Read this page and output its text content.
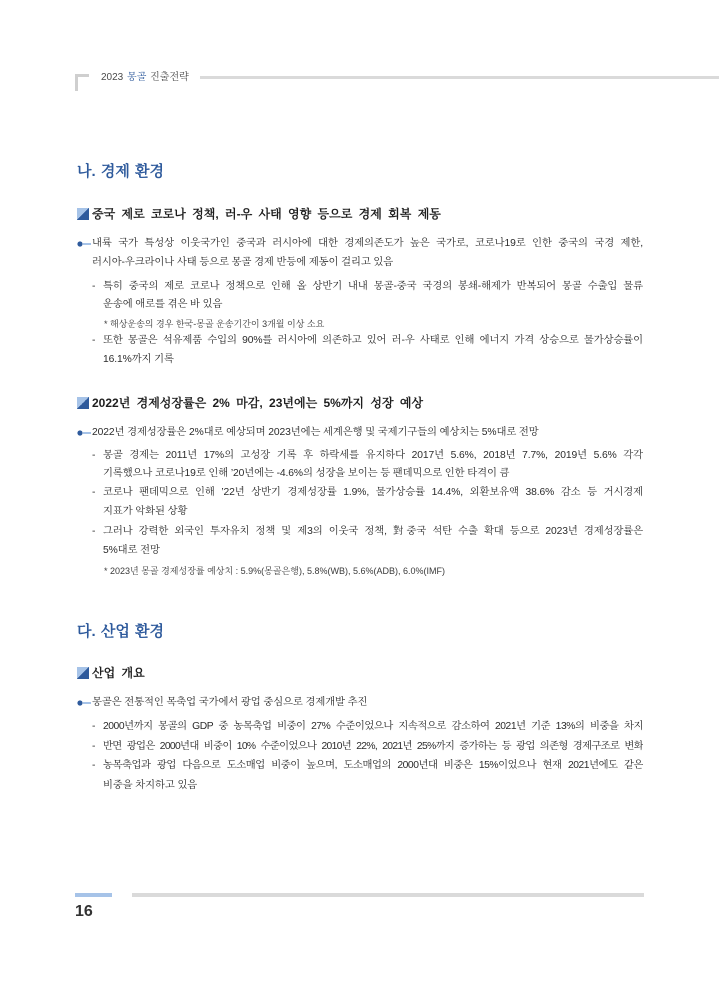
2023 몽골 진출전략
나. 경제 환경
중국 제로 코로나 정책, 러-우 사태 영향 등으로 경제 회복 제동
내륙 국가 특성상 이웃국가인 중국과 러시아에 대한 경제의존도가 높은 국가로, 코로나19로 인한 중국의 국경 제한,
러시아-우크라이나 사태 등으로 몽골 경제 반등에 제동이 걸리고 있음
- 특히 중국의 제로 코로나 정책으로 인해 올 상반기 내내 몽골-중국 국경의 봉쇄-해제가 반복되어 몽골 수출입 물류
운송에 애로를 겪은 바 있음
* 해상운송의 경우 한국-몽골 운송기간이 3개월 이상 소요
- 또한 몽골은 석유제품 수입의 90%를 러시아에 의존하고 있어 러-우 사태로 인해 에너지 가격 상승으로 물가상승률이
16.1%까지 기록
2022년 경제성장률은 2% 마감, 23년에는 5%까지 성장 예상
2022년 경제성장률은 2%대로 예상되며 2023년에는 세계은행 및 국제기구들의 예상치는 5%대로 전망
- 몽골 경제는 2011년 17%의 고성장 기록 후 하락세를 유지하다 2017년 5.6%, 2018년 7.7%, 2019년 5.6% 각각
기록했으나 코로나19로 인해 ’20년에는 -4.6%의 성장을 보이는 등 팬데믹으로 인한 타격이 큼
- 코로나 팬데믹으로 인해 ’22년 상반기 경제성장률 1.9%, 물가상승률 14.4%, 외환보유액 38.6% 감소 등 거시경제
지표가 악화된 상황
- 그러나 강력한 외국인 투자유치 정책 및 제3의 이웃국 정책, 對중국 석탄 수출 확대 등으로 2023년 경제성장률은
5%대로 전망
* 2023년 몽골 경제성장률 예상치 : 5.9%(몽골은행), 5.8%(WB), 5.6%(ADB), 6.0%(IMF)
다. 산업 환경
산업 개요
몽골은 전통적인 목축업 국가에서 광업 중심으로 경제개발 추진
- 2000년까지 몽골의 GDP 중 농목축업 비중이 27% 수준이었으나 지속적으로 감소하여 2021년 기준 13%의 비중을 차지
- 반면 광업은 2000년대 비중이 10% 수준이었으나 2010년 22%, 2021년 25%까지 증가하는 등 광업 의존형 경제구조로 변화
- 농목축업과 광업 다음으로 도소매업 비중이 높으며, 도소매업의 2000년대 비중은 15%이었으나 현재 2021년에도 같은
비중을 차지하고 있음
16
